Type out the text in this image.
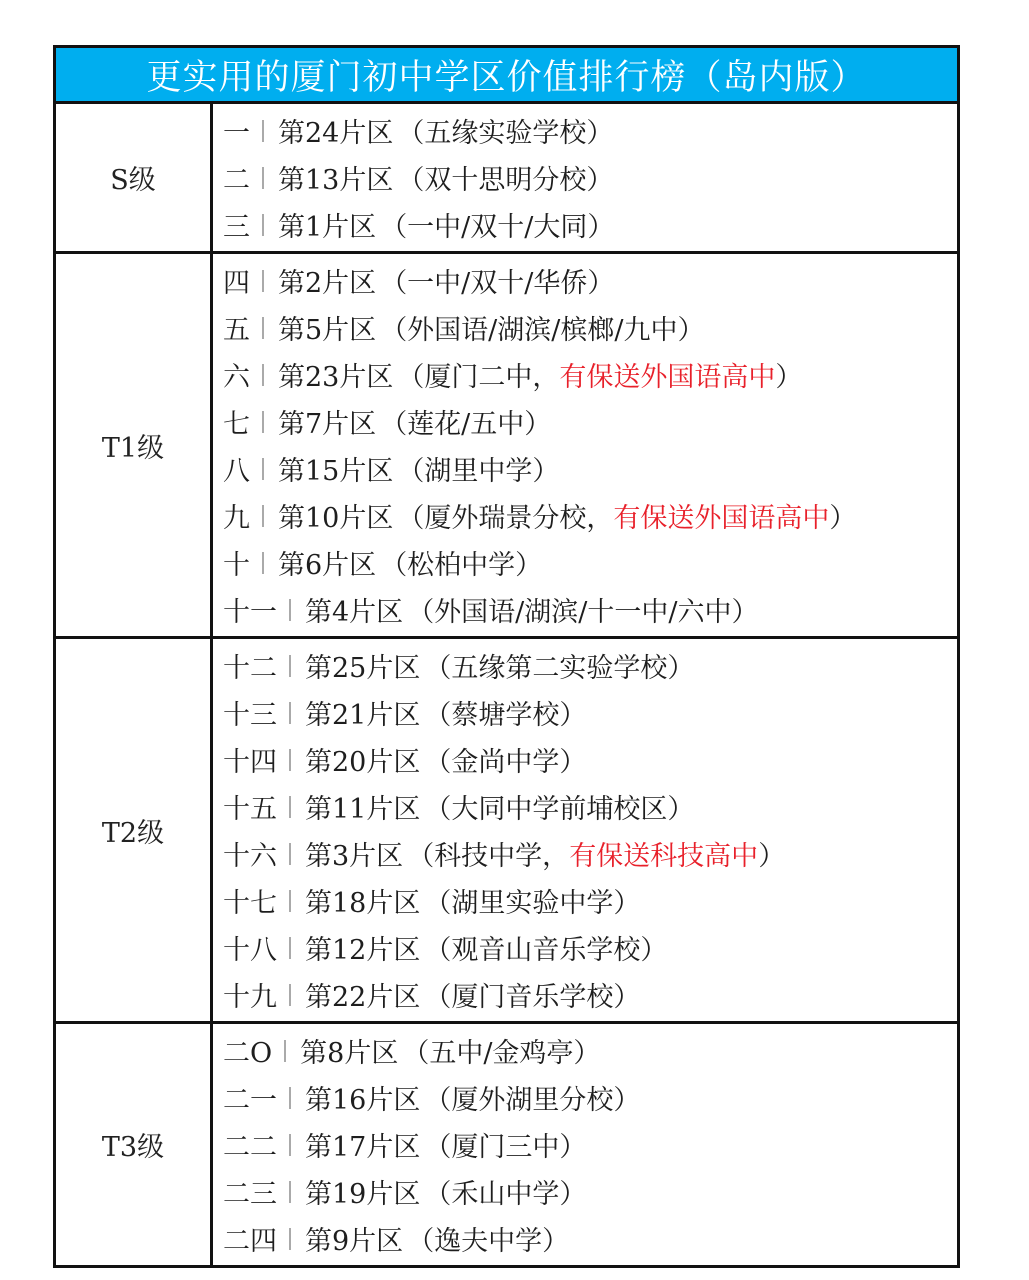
更实用的厦门初中学区价值排行榜（岛内版）
S级
一 第24片区 （五缘实验学校）
二 第13片区 （双十思明分校）
三 第1片区 （一中/双十/大同）
T1级
四 第2片区 （一中/双十/华侨）
五 第5片区 （外国语/湖滨/槟榔/九中）
六 第23片区 （厦门二中， 有保送外国语高中 ）
七 第7片区 （莲花/五中）
八 第15片区 （湖里中学）
九 第10片区 （厦外瑞景分校， 有保送外国语高中 ）
十 第6片区 （松柏中学）
十一 第4片区 （外国语/湖滨/十一中/六中）
T2级
十二 第25片区 （五缘第二实验学校）
十三 第21片区 （蔡塘学校）
十四 第20片区 （金尚中学）
十五 第11片区 （大同中学前埔校区）
十六 第3片区 （科技中学， 有保送科技高中 ）
十七 第18片区 （湖里实验中学）
十八 第12片区 （观音山音乐学校）
十九 第22片区 （厦门音乐学校）
T3级
二O 第8片区 （五中/金鸡亭）
二一 第16片区 （厦外湖里分校）
二二 第17片区 （厦门三中）
二三 第19片区 （禾山中学）
二四 第9片区 （逸夫中学）
